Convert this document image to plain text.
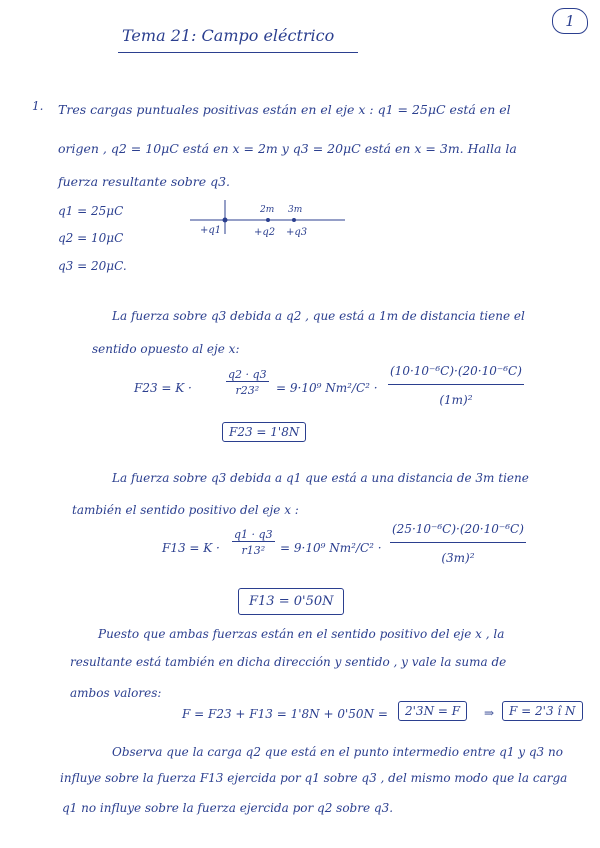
1
Tema 21: Campo eléctrico
1. Tres cargas puntuales positivas están en el eje x : q1 = 25μC está en el
origen , q2 = 10μC está en x = 2m y q3 = 20μC está en x = 3m. Halla la
fuerza resultante sobre q3.
q1 = 25μC
q2 = 10μC
q3 = 20μC.
2m 3m
+q1	+q2 +q3
La fuerza sobre q3 debida a q2 , que está a 1m de distancia tiene el
sentido opuesto al eje x:
F23 = K ·	$\frac{q2 \cdot q3}{\text{r23²}} = 9\cdot 10^9$ $Nm^2/C^2 \cdot \frac{\text{(10·10⁻⁶C)·(20·10⁻⁶C)}}{\text{(1m)²}}$
F23 = 1'8N
La fuerza sobre q3 debida a q1 que está a una distancia de 3m tiene
también el sentido positivo del eje x :
$F13 = K \cdot \frac{q1 \cdot q3}{\text{r13²}} = 9\cdot 10^9$ $Nm^2/C^2 \cdot \frac{\text{(25·10⁻⁶C)·(20·10⁻⁶C)}}{\text{(3m)²}}$
F13 = 0'50N
Puesto que ambas fuerzas están en el sentido positivo del eje x , la
resultante está también en dicha dirección y sentido , y vale la suma de
ambos valores:
F = F23 + F13 = 1'8N + 0'50N =	2'3N = F	⇒	F = 2'3 î N
Observa que la carga q2 que está en el punto intermedio entre q1 y q3 no
influye sobre la fuerza F13 ejercida por q1 sobre q3 , del mismo modo que la carga
q1 no influye sobre la fuerza ejercida por q2 sobre q3.
